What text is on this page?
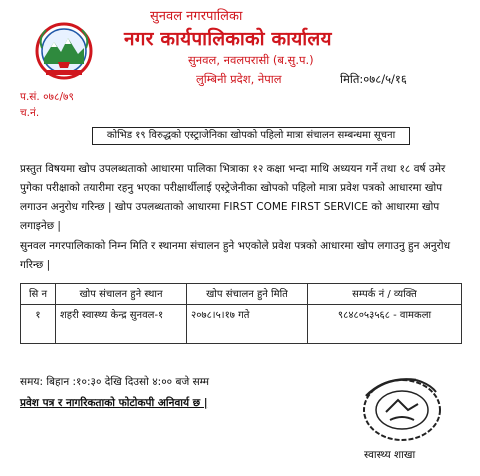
सुनवल नगरपालिका
नगर कार्यपालिकाको कार्यालय
सुनवल, नवलपरासी (ब.सु.प.)
लुम्बिनी प्रदेश, नेपाल	मिति:०७८/५/१६
प.सं. ०७८/७९
च.नं.
कोभिड १९ विरुद्धको एस्ट्राजेनिका खोपको पहिलो मात्रा संचालन सम्बन्धमा सूचना
प्रस्तुत विषयमा खोप उपलब्धताको आधारमा पालिका भित्राका १२ कक्षा भन्दा माथि अध्ययन गर्ने तथा १८ वर्ष उमेर पुगेका परीक्षाको तयारीमा रहनु भएका परीक्षार्थीलाई एस्ट्रेजेनीका खोपको पहिलो मात्रा प्रवेश पत्रको आधारमा खोप लगाउन अनुरोध गरिन्छ | खोप उपलब्धताको आधारमा FIRST COME FIRST SERVICE को आधारमा खोप लगाइनेछ |
सुनवल नगरपालिकाको निम्न मिति र स्थानमा संचालन हुने भएकोले प्रवेश पत्रको आधारमा खोप लगाउनु हुन अनुरोध गरिन्छ |
सि न	खोप संचालन हुने स्थान	खोप संचालन हुने मिति	सम्पर्क नं / व्यक्ति
१	शहरी स्वास्थ्य केन्द्र सुनवल-१	२०७८।५।१७ गते	९८४८०५३५६८ - वामकला
समय: बिहान :१०:३० देखि दिउसो ४:०० बजे सम्म
प्रवेश पत्र र नागरिकताको फोटोकपी अनिवार्य छ |
स्वास्थ्य शाखा
